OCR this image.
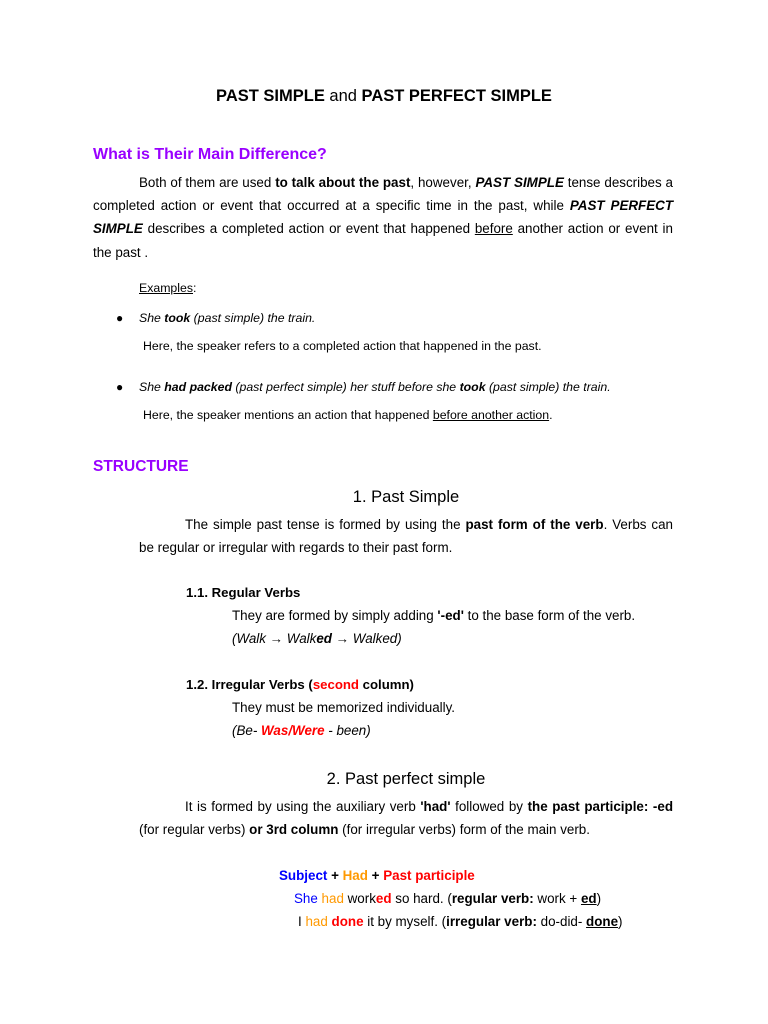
PAST SIMPLE and PAST PERFECT SIMPLE
What is Their Main Difference?
Both of them are used to talk about the past, however, PAST SIMPLE tense describes a completed action or event that occurred at a specific time in the past, while PAST PERFECT SIMPLE describes a completed action or event that happened before another action or event in the past .
Examples:
● She took (past simple) the train.
Here, the speaker refers to a completed action that happened in the past.
● She had packed (past perfect simple) her stuff before she took (past simple) the train.
Here, the speaker mentions an action that happened before another action.
STRUCTURE
1. Past Simple
The simple past tense is formed by using the past form of the verb. Verbs can be regular or irregular with regards to their past form.
1.1. Regular Verbs
They are formed by simply adding '-ed' to the base form of the verb.
(Walk → Walked → Walked)
1.2. Irregular Verbs (second column)
They must be memorized individually.
(Be- Was/Were - been)
2. Past perfect simple
It is formed by using the auxiliary verb 'had' followed by the past participle: -ed (for regular verbs) or 3rd column (for irregular verbs) form of the main verb.
Subject + Had + Past participle
She had worked so hard. (regular verb: work + ed)
I had done it by myself. (irregular verb: do-did- done)
